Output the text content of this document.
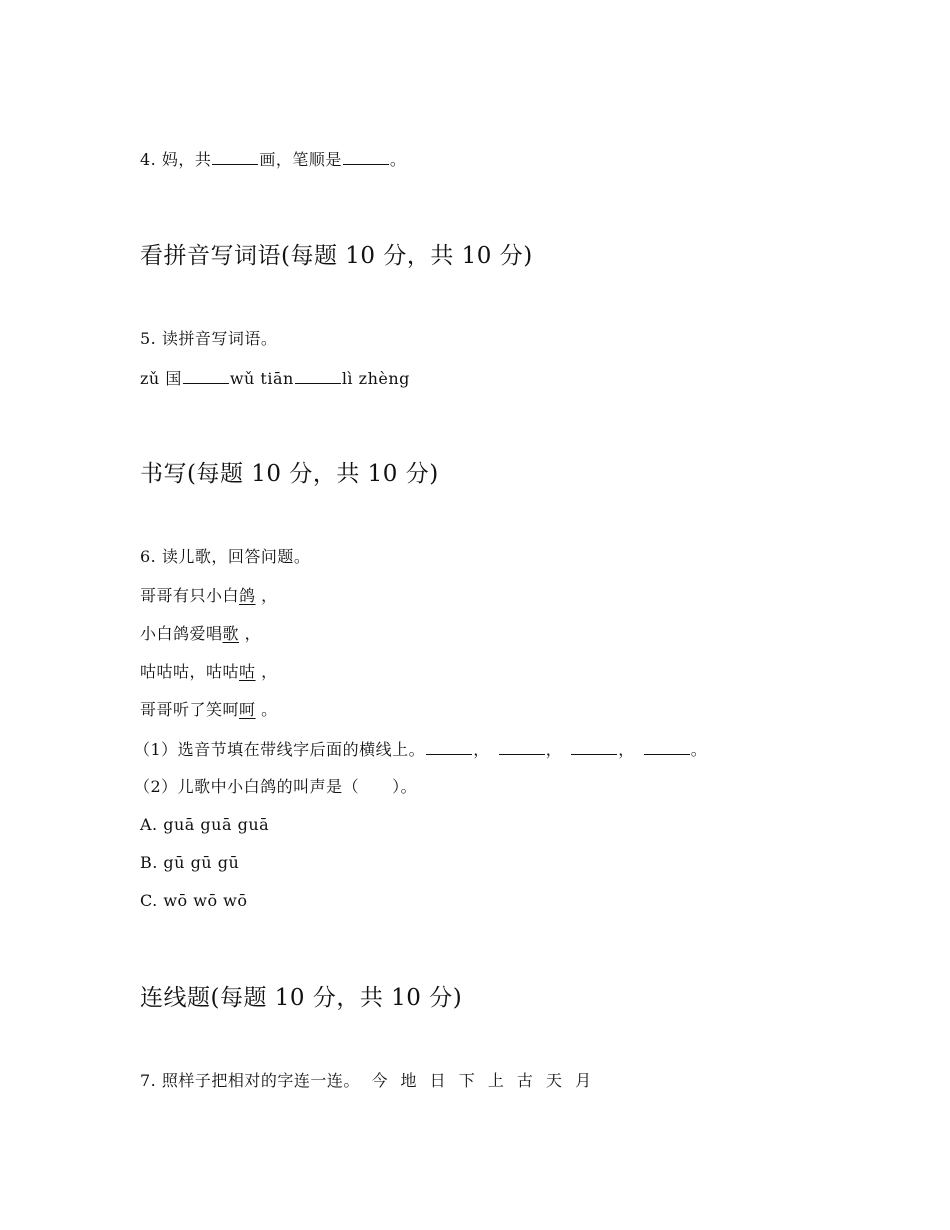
4. 妈，共	画，笔顺是	。
看拼音写词语(每题 10 分，共 10 分)
5. 读拼音写词语。
zǔ 国	wǔ tiān	lì zhèng
书写(每题 10 分，共 10 分)
6. 读儿歌，回答问题。
哥哥有只小白鸽 ，
小白鸽爱唱歌 ，
咕咕咕，咕咕咕 ，
哥哥听了笑呵呵 。
（1）选音节填在带线字后面的横线上。	，	，	，	。
（2）儿歌中小白鸽的叫声是（　　）。
A. guā guā guā
B. gū gū gū
C. wō wō wō
连线题(每题 10 分，共 10 分)
7. 照样子把相对的字连一连。 今 地 日 下 上 古 天 月
